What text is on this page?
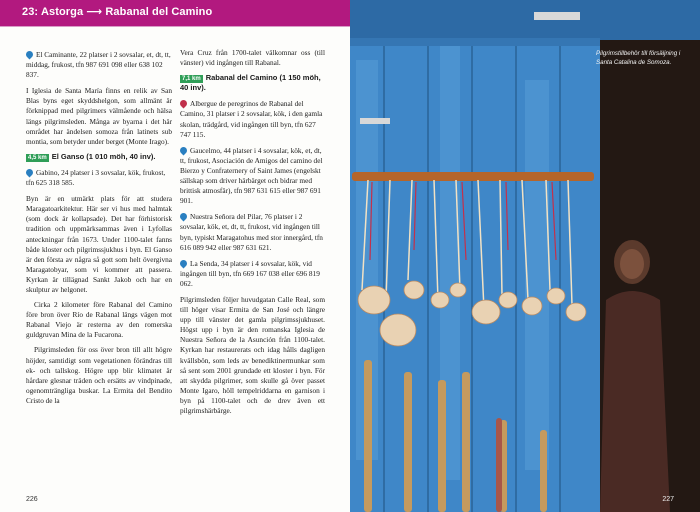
23: Astorga ⟶ Rabanal del Camino
El Caminante, 22 platser i 2 sovsalar, et, dt, tt, middag, frukost, tfn 987 691 098 eller 638 102 837.

I Iglesia de Santa María finns en relik av San Blas byns eget skyddshelgon, som allmänt är förknippad med pilgrimers välmående och hälsa längs pilgrimsleden. Många av byarna i det här området har ändelsen somoza från latinets sub montia, som betyder under berget (Monte Irago).

4,5 km El Ganso (1 010 möh, 40 inv).
Gabino, 24 platser i 3 sovsalar, kök, frukost, tfn 625 318 585.

Byn är en utmärkt plats för att studera Maragatoarkitektur. Här ser vi hus med halmtak (som dock är kollapsade). Det har förhistorisk tradition och uppmärksammas även i Lyfollas anteckningar från 1673. Under 1100-talet fanns både kloster och pilgrimssjukhus i byn. El Ganso är den första av några så gott som helt övergivna Maragatobyar, som vi kommer att passera. Kyrkan är tillägnad Sankt Jakob och har en skulptur av helgonet.

Cirka 2 kilometer före Rabanal del Camino före bron över Río de Rabanal längs vägen mot Rabanal Viejo är resterna av den romerska guldgruvan Mina de la Fucarona.

Pilgrimsleden för oss över bron till allt högre höjder, samtidigt som vegetationen förändras till ek- och tallskog. Högre upp blir klimatet är hårdare glesnar träden och ersätts av vindpinade, ogenomträngliga buskar. La Ermita del Bendito Cristo de la

Vera Cruz från 1700-talet välkomnar oss (till vänster) vid ingången till Rabanal.

7,1 km Rabanal del Camino (1 150 möh, 40 inv).
Albergue de peregrinos de Rabanal del Camino, 31 platser i 2 sovsalar, kök, i den gamla skolan, trädgård, vid ingången till byn, tfn 627 747 115.
Gaucelmo, 44 platser i 4 sovsalar, kök, et, dt, tt, frukost, Asociación de Amigos del camino del Bierzo y Confraternery of Saint James (engelskt sällskap som driver härbärget och bidrar med brittisk atmosfär), tfn 987 631 615 eller 987 691 901.
Nuestra Señora del Pilar, 76 platser i 2 sovsalar, kök, et, dt, tt, frukost, vid ingången till byn, typiskt Maragatohus med stor innergård, tfn 616 089 942 eller 987 631 621.
La Senda, 34 platser i 4 sovsalar, kök, vid ingången till byn, tfn 669 167 038 eller 696 819 062.

Pilgrimsleden följer huvudgatan Calle Real, som till höger visar Ermita de San José och längre upp till vänster det gamla pilgrimssjukhuset. Högst upp i byn är den romanska Iglesia de Nuestra Señora de la Asunción från 1100-talet. Kyrkan har restaurerats och idag hålls dagligen kvällsbön, som leds av benediktinermunkar som så sent som 2001 grundade ett kloster i byn. För att skydda pilgrimer, som skulle gå över passet Monte Igaro, höll tempelriddarna en garnison i byn på 1100-talet och de drev även ett pilgrimshärbärge.

226
Pilgrimstillbehör till försäljning i Santa Catalina de Somoza.
227
